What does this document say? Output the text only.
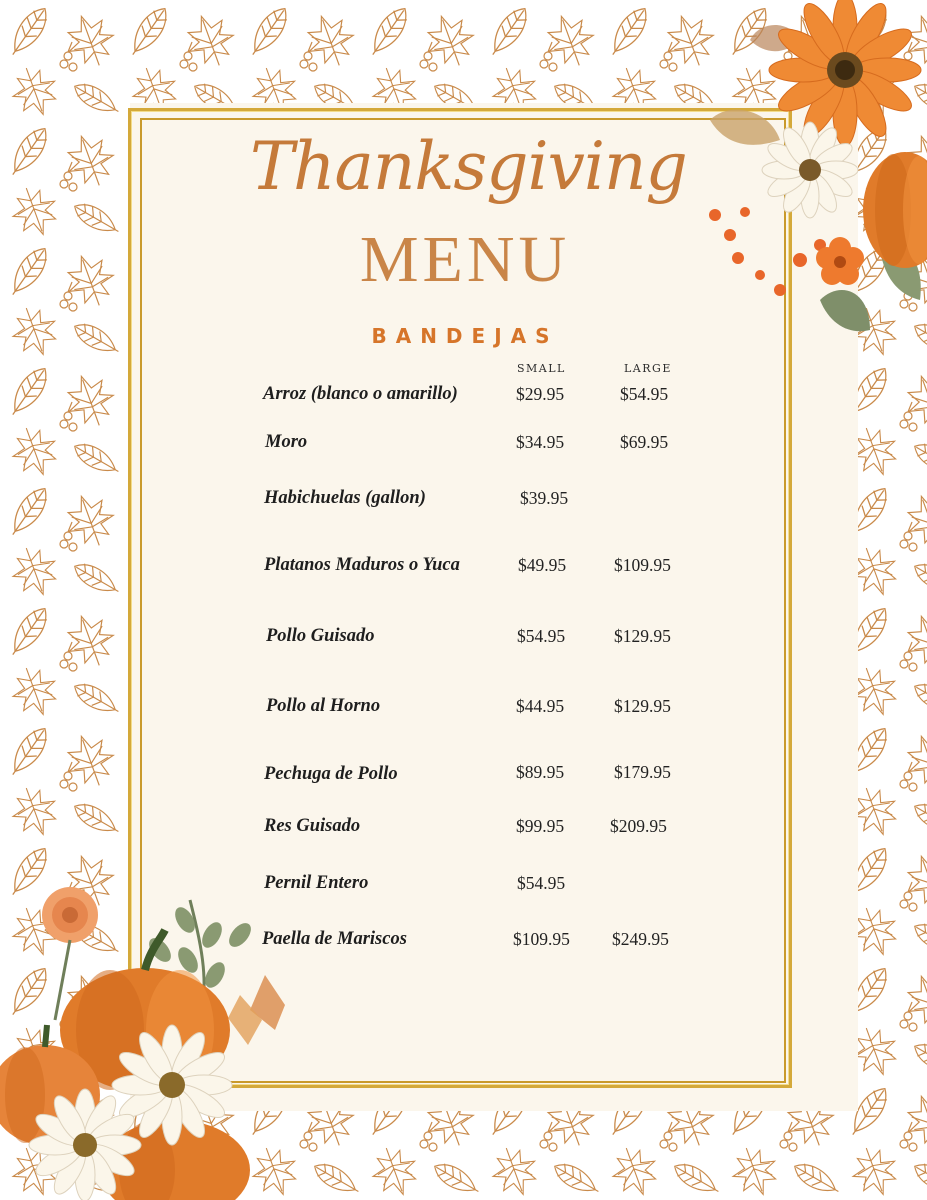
Thanksgiving
MENU
BANDEJAS
SMALL	LARGE
Arroz (blanco o amarillo)	$29.95	$54.95
Moro	$34.95	$69.95
Habichuelas (gallon)	$39.95
Platanos Maduros o Yuca	$49.95	$109.95
Pollo Guisado	$54.95	$129.95
Pollo al Horno	$44.95	$129.95
Pechuga de Pollo	$89.95	$179.95
Res Guisado	$99.95	$209.95
Pernil Entero	$54.95
Paella de Mariscos	$109.95 $249.95
